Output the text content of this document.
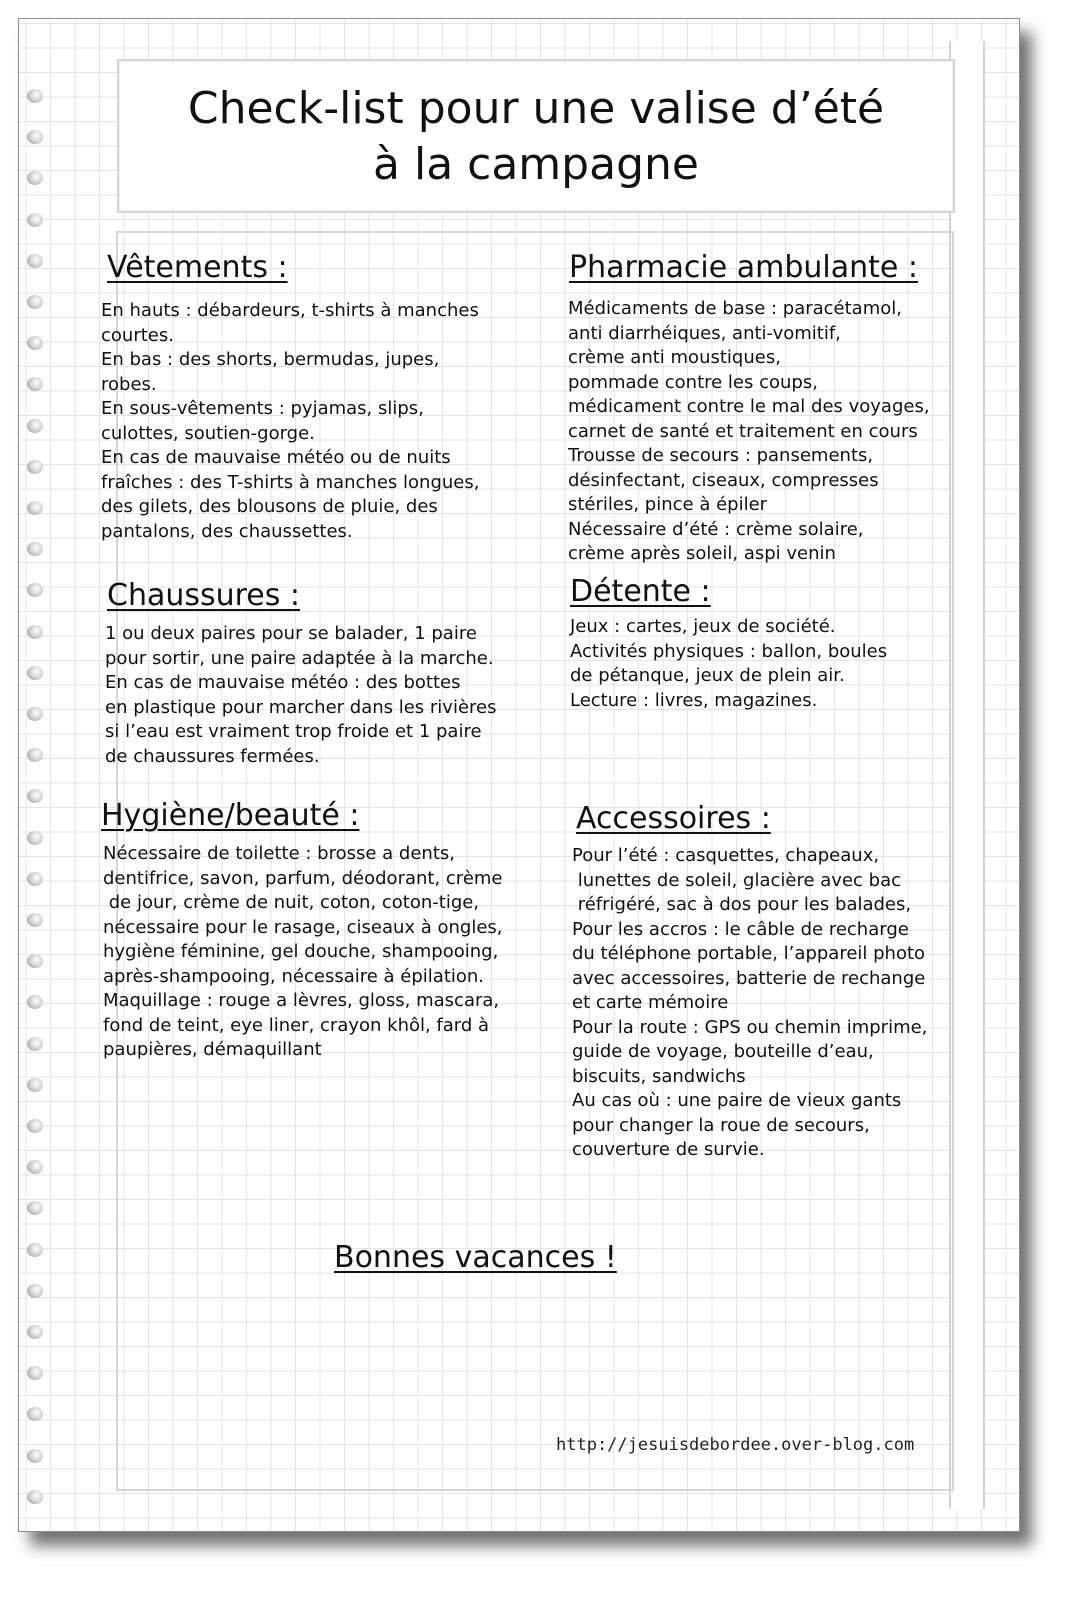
Check-list pour une valise d’été
à la campagne
Vêtements :
En hauts : débardeurs, t-shirts à manches
courtes.
En bas : des shorts, bermudas, jupes,
robes.
En sous-vêtements : pyjamas, slips,
culottes, soutien-gorge.
En cas de mauvaise météo ou de nuits
fraîches : des T-shirts à manches longues,
des gilets, des blousons de pluie, des
pantalons, des chaussettes.
Pharmacie ambulante :
Médicaments de base : paracétamol,
anti diarrhéiques, anti-vomitif,
crème anti moustiques,
pommade contre les coups,
médicament contre le mal des voyages,
carnet de santé et traitement en cours
Trousse de secours : pansements,
désinfectant, ciseaux, compresses
stériles, pince à épiler
Nécessaire d’été : crème solaire,
crème après soleil, aspi venin
Chaussures :
1 ou deux paires pour se balader, 1 paire
pour sortir, une paire adaptée à la marche.
En cas de mauvaise météo : des bottes
en plastique pour marcher dans les rivières
si l’eau est vraiment trop froide et 1 paire
de chaussures fermées.
Détente :
Jeux : cartes, jeux de société.
Activités physiques : ballon, boules
de pétanque, jeux de plein air.
Lecture : livres, magazines.
Hygiène/beauté :
Nécessaire de toilette : brosse a dents,
dentifrice, savon, parfum, déodorant, crème
de jour, crème de nuit, coton, coton-tige,
nécessaire pour le rasage, ciseaux à ongles,
hygiène féminine, gel douche, shampooing,
après-shampooing, nécessaire à épilation.
Maquillage : rouge a lèvres, gloss, mascara,
fond de teint, eye liner, crayon khôl, fard à
paupières, démaquillant
Accessoires :
Pour l’été : casquettes, chapeaux,
lunettes de soleil, glacière avec bac
réfrigéré, sac à dos pour les balades,
Pour les accros : le câble de recharge
du téléphone portable, l’appareil photo
avec accessoires, batterie de rechange
et carte mémoire
Pour la route : GPS ou chemin imprime,
guide de voyage, bouteille d’eau,
biscuits, sandwichs
Au cas où : une paire de vieux gants
pour changer la roue de secours,
couverture de survie.
Bonnes vacances !
http://jesuisdebordee.over-blog.com
